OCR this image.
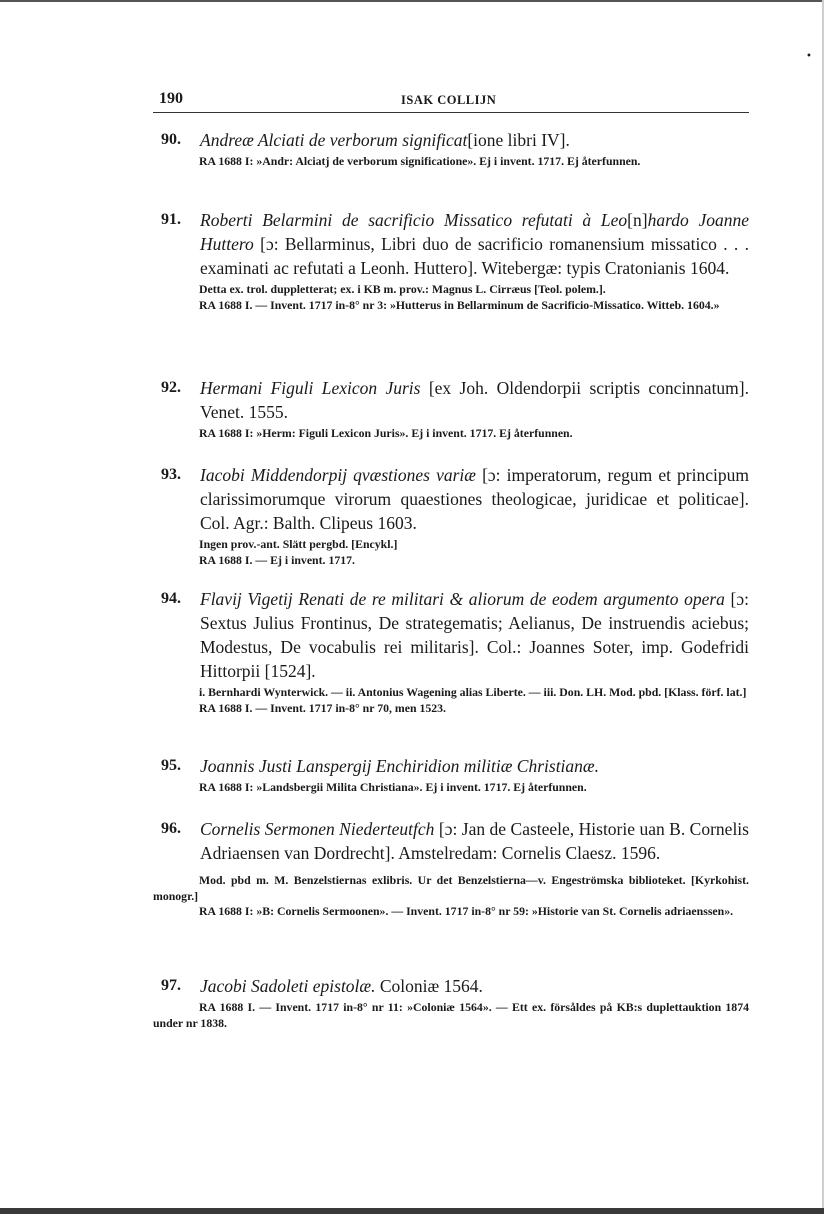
•
190	ISAK COLLIJN
90. Andreæ Alciati de verborum significat[ione libri IV].
RA 1688 I: »Andr: Alciatj de verborum significatione». Ej i invent. 1717. Ej återfunnen.
91. Roberti Belarmini de sacrificio Missatico refutati à Leo[n]hardo Joanne Huttero [ɔ: Bellarminus, Libri duo de sacrificio romanensium missatico . . . examinati ac refutati a Leonh. Huttero]. Witebergæ: typis Cratonianis 1604.
Detta ex. trol. duppletterat; ex. i KB m. prov.: Magnus L. Cirræus [Teol. polem.].
RA 1688 I. — Invent. 1717 in-8° nr 3: »Hutterus in Bellarminum de Sacrificio-Missatico. Witteb. 1604.»
92. Hermani Figuli Lexicon Juris [ex Joh. Oldendorpii scriptis concinnatum]. Venet. 1555.
RA 1688 I: »Herm: Figuli Lexicon Juris». Ej i invent. 1717. Ej återfunnen.
93. Iacobi Middendorpij qvæstiones variæ [ɔ: imperatorum, regum et principum clarissimorumque virorum quaestiones theologicae, juridicae et politicae]. Col. Agr.: Balth. Clipeus 1603.
Ingen prov.-ant. Slätt pergbd. [Encykl.]
RA 1688 I. — Ej i invent. 1717.
94. Flavij Vigetij Renati de re militari & aliorum de eodem argumento opera [ɔ: Sextus Julius Frontinus, De strategematis; Aelianus, De instruendis aciebus; Modestus, De vocabulis rei militaris]. Col.: Joannes Soter, imp. Godefridi Hittorpii [1524].
i. Bernhardi Wynterwick. — ii. Antonius Wagening alias Liberte. — iii. Don. LH. Mod. pbd. [Klass. förf. lat.]
RA 1688 I. — Invent. 1717 in-8° nr 70, men 1523.
95. Joannis Justi Lanspergij Enchiridion militiæ Christianæ.
RA 1688 I: »Landsbergii Milita Christiana». Ej i invent. 1717. Ej återfunnen.
96. Cornelis Sermonen Niederteutfch [ɔ: Jan de Casteele, Historie uan B. Cornelis Adriaensen van Dordrecht]. Amstelredam: Cornelis Claesz. 1596.
Mod. pbd m. M. Benzelstiernas exlibris. Ur det Benzelstierna—v. Engeströmska biblioteket. [Kyrkohist. monogr.]
RA 1688 I: »B: Cornelis Sermoonen». — Invent. 1717 in-8° nr 59: »Historie van St. Cornelis adriaenssen».
97. Jacobi Sadoleti epistolæ. Coloniæ 1564.
RA 1688 I. — Invent. 1717 in-8° nr 11: »Coloniæ 1564». — Ett ex. försåldes på KB:s duplettauktion 1874 under nr 1838.
